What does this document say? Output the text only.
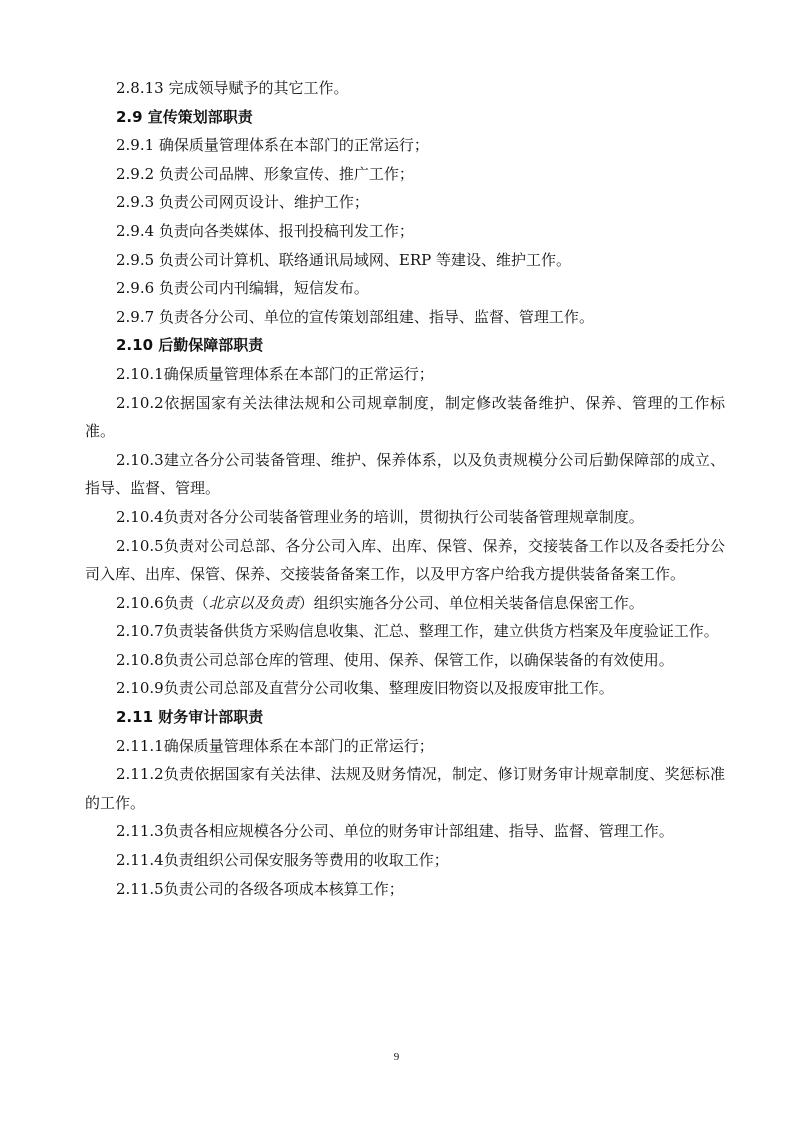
2.8.13 完成领导赋予的其它工作。

2.9 宣传策划部职责

2.9.1 确保质量管理体系在本部门的正常运行；

2.9.2 负责公司品牌、形象宣传、推广工作；

2.9.3 负责公司网页设计、维护工作；

2.9.4 负责向各类媒体、报刊投稿刊发工作；

2.9.5 负责公司计算机、联络通讯局域网、ERP 等建设、维护工作。

2.9.6 负责公司内刊编辑，短信发布。

2.9.7 负责各分公司、单位的宣传策划部组建、指导、监督、管理工作。

2.10 后勤保障部职责

2.10.1确保质量管理体系在本部门的正常运行；

2.10.2依据国家有关法律法规和公司规章制度，制定修改装备维护、保养、管理的工作标准。

2.10.3建立各分公司装备管理、维护、保养体系，以及负责规模分公司后勤保障部的成立、指导、监督、管理。

2.10.4负责对各分公司装备管理业务的培训，贯彻执行公司装备管理规章制度。

2.10.5负责对公司总部、各分公司入库、出库、保管、保养，交接装备工作以及各委托分公司入库、出库、保管、保养、交接装备备案工作，以及甲方客户给我方提供装备备案工作。

2.10.6负责（北京以及负责）组织实施各分公司、单位相关装备信息保密工作。

2.10.7负责装备供货方采购信息收集、汇总、整理工作，建立供货方档案及年度验证工作。

2.10.8负责公司总部仓库的管理、使用、保养、保管工作，以确保装备的有效使用。

2.10.9负责公司总部及直营分公司收集、整理废旧物资以及报废审批工作。

2.11 财务审计部职责

2.11.1确保质量管理体系在本部门的正常运行；

2.11.2负责依据国家有关法律、法规及财务情况，制定、修订财务审计规章制度、奖惩标准的工作。

2.11.3负责各相应规模各分公司、单位的财务审计部组建、指导、监督、管理工作。

2.11.4负责组织公司保安服务等费用的收取工作；

2.11.5负责公司的各级各项成本核算工作；

9
